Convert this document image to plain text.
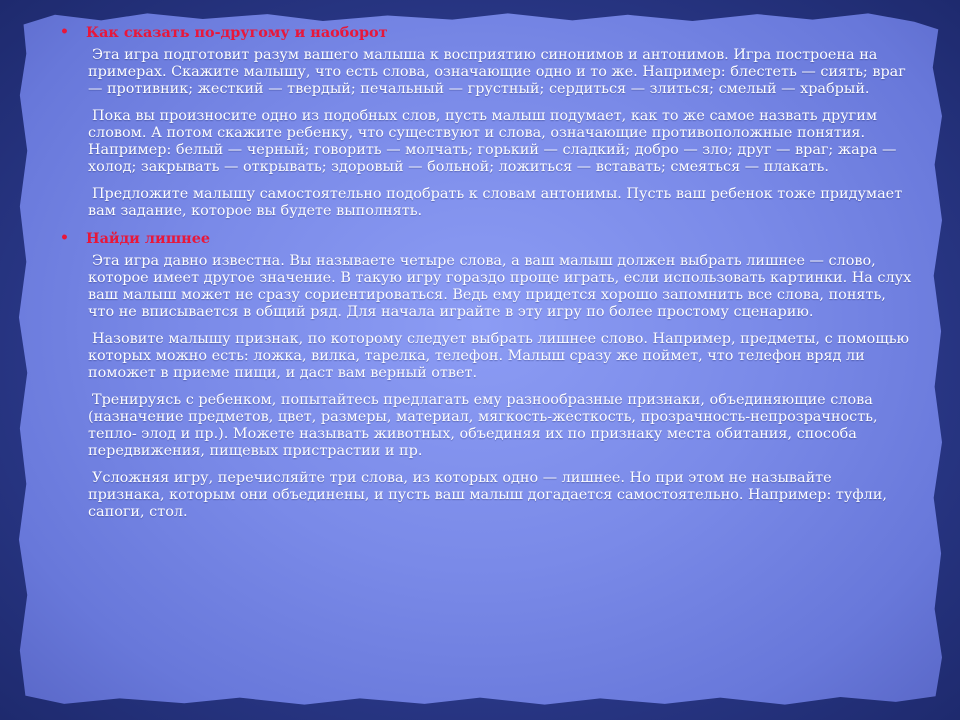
• Как сказать по-другому и наоборот

Эта игра подготовит разум вашего малыша к восприятию синонимов и антонимов. Игра построена на примерах. Скажите малышу, что есть слова, означающие одно и то же. Например: блестеть — сиять; враг — противник; жесткий — твердый; печальный — грустный; сердиться — злиться; смелый — храбрый.

Пока вы произносите одно из подобных слов, пусть малыш подумает, как то же самое назвать другим словом. А потом скажите ребенку, что существуют и слова, означающие противоположные понятия. Например: белый — черный; говорить — молчать; горький — сладкий; добро — зло; друг — враг; жара — холод; закрывать — открывать; здоровый — больной; ложиться — вставать; смеяться — плакать.

Предложите малышу самостоятельно подобрать к словам антонимы. Пусть ваш ребенок тоже придумает вам задание, которое вы будете выполнять.

• Найди лишнее

Эта игра давно известна. Вы называете четыре слова, а ваш малыш должен выбрать лишнее — слово, которое имеет другое значение. В такую игру гораздо проще играть, если использовать картинки. На слух ваш малыш может не сразу сориентироваться. Ведь ему придется хорошо запомнить все слова, понять, что не вписывается в общий ряд. Для начала играйте в эту игру по более простому сценарию.

Назовите малышу признак, по которому следует выбрать лишнее слово. Например, предметы, с помощью которых можно есть: ложка, вилка, тарелка, телефон. Малыш сразу же поймет, что телефон вряд ли поможет в приеме пищи, и даст вам верный ответ.

Тренируясь с ребенком, попытайтесь предлагать ему разнообразные признаки, объединяющие слова (назначение предметов, цвет, размеры, материал, мягкость-жесткость, прозрачность-непрозрачность, тепло- элод и пр.). Можете называть животных, объединяя их по признаку места обитания, способа передвижения, пищевых пристрастии и пр.

Усложняя игру, перечисляйте три слова, из которых одно — лишнее. Но при этом не называйте признака, которым они объединены, и пусть ваш малыш догадается самостоятельно. Например: туфли, сапоги, стол.
